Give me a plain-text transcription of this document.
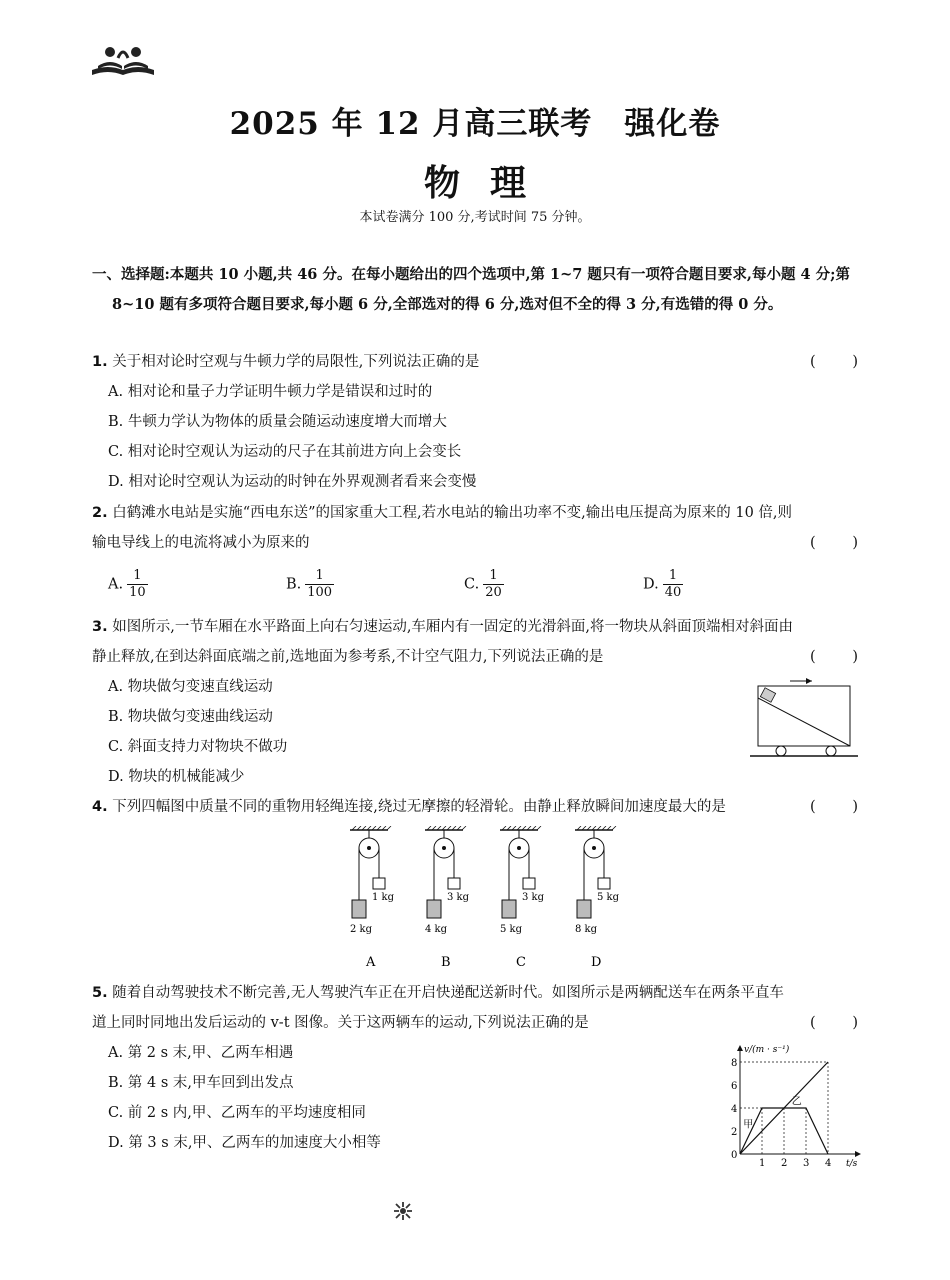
2025 年 12 月高三联考　强化卷
物理
本试卷满分 100 分,考试时间 75 分钟。
一、选择题:本题共 10 小题,共 46 分。在每小题给出的四个选项中,第 1~7 题只有一项符合题目要求,每小题 4 分;第 8~10 题有多项符合题目要求,每小题 6 分,全部选对的得 6 分,选对但不全的得 3 分,有选错的得 0 分。
1. 关于相对论时空观与牛顿力学的局限性,下列说法正确的是	(	)
A. 相对论和量子力学证明牛顿力学是错误和过时的
B. 牛顿力学认为物体的质量会随运动速度增大而增大
C. 相对论时空观认为运动的尺子在其前进方向上会变长
D. 相对论时空观认为运动的时钟在外界观测者看来会变慢
2. 白鹤滩水电站是实施“西电东送”的国家重大工程,若水电站的输出功率不变,输出电压提高为原来的 10 倍,则输电导线上的电流将减小为原来的	(	)
A. $\frac{1}{10}$	B. $\frac{1}{100}$	C. $\frac{1}{20}$	D. $\frac{1}{40}$
3. 如图所示,一节车厢在水平路面上向右匀速运动,车厢内有一固定的光滑斜面,将一物块从斜面顶端相对斜面由静止释放,在到达斜面底端之前,选地面为参考系,不计空气阻力,下列说法正确的是	(	)
A. 物块做匀变速直线运动
B. 物块做匀变速曲线运动
C. 斜面支持力对物块不做功
D. 物块的机械能减少
4. 下列四幅图中质量不同的重物用轻绳连接,绕过无摩擦的轻滑轮。由静止释放瞬间加速度最大的是	(	)
1 kg
2 kg
A
3 kg
4 kg
B
3 kg
5 kg
C
5 kg
8 kg
D
5. 随着自动驾驶技术不断完善,无人驾驶汽车正在开启快递配送新时代。如图所示是两辆配送车在两条平直车道上同时同地出发后运动的 v-t 图像。关于这两辆车的运动,下列说法正确的是	(	)
A. 第 2 s 末,甲、乙两车相遇
B. 第 4 s 末,甲车回到出发点
C. 前 2 s 内,甲、乙两车的平均速度相同
D. 第 3 s 末,甲、乙两车的加速度大小相等
v/(m · s⁻¹)
t/s
0
2
4
6
8
1 2 3 4
甲
乙
